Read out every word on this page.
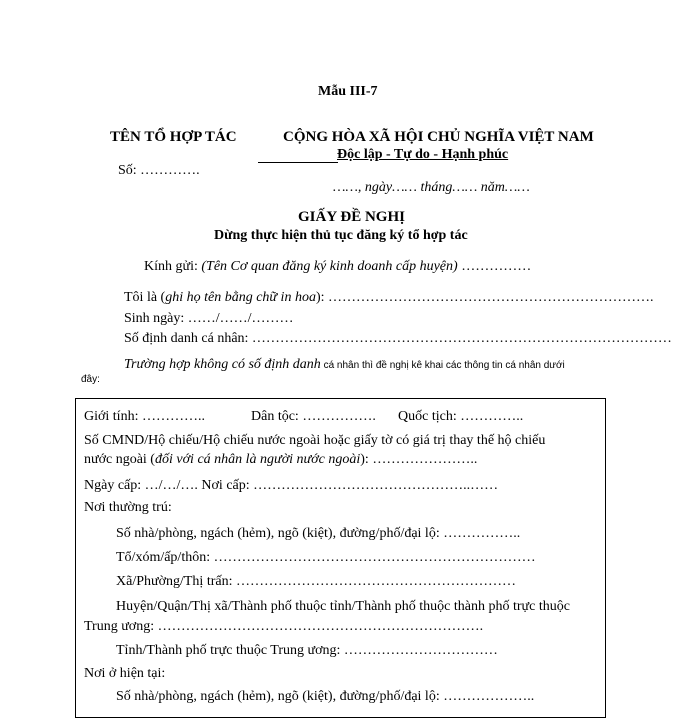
Mẫu III-7
TÊN TỔ HỢP TÁC	CỘNG HÒA XÃ HỘI CHỦ NGHĨA VIỆT NAM
Độc lập - Tự do - Hạnh phúc
Số: ………….
……, ngày…… tháng…… năm……
GIẤY ĐỀ NGHỊ
Dừng thực hiện thủ tục đăng ký tổ hợp tác
Kính gửi: (Tên Cơ quan đăng ký kinh doanh cấp huyện) ……………
Tôi là (ghi họ tên bằng chữ in hoa): …………………………………………………………….
Sinh ngày: ……/……/………
Số định danh cá nhân: ………………………………………………………………………………
Trường hợp không có số định danh cá nhân thì đề nghị kê khai các thông tin cá nhân dưới
đây:
Giới tính: …………..	Dân tộc: ……………. Quốc tịch: …………..
Số CMND/Hộ chiếu/Hộ chiếu nước ngoài hoặc giấy tờ có giá trị thay thế hộ chiếu
nước ngoài (đối với cá nhân là người nước ngoài): …………………..
Ngày cấp: …/…/…. Nơi cấp: ………………………………………..……
Nơi thường trú:
Số nhà/phòng, ngách (hẻm), ngõ (kiệt), đường/phố/đại lộ: ……………..
Tổ/xóm/ấp/thôn: ……………………………………………………………
Xã/Phường/Thị trấn: ……………………………………………………
Huyện/Quận/Thị xã/Thành phố thuộc tỉnh/Thành phố thuộc thành phố trực thuộc
Trung ương: …………………………………………………………….
Tỉnh/Thành phố trực thuộc Trung ương: ……………………………
Nơi ở hiện tại:
Số nhà/phòng, ngách (hẻm), ngõ (kiệt), đường/phố/đại lộ: ………………..
